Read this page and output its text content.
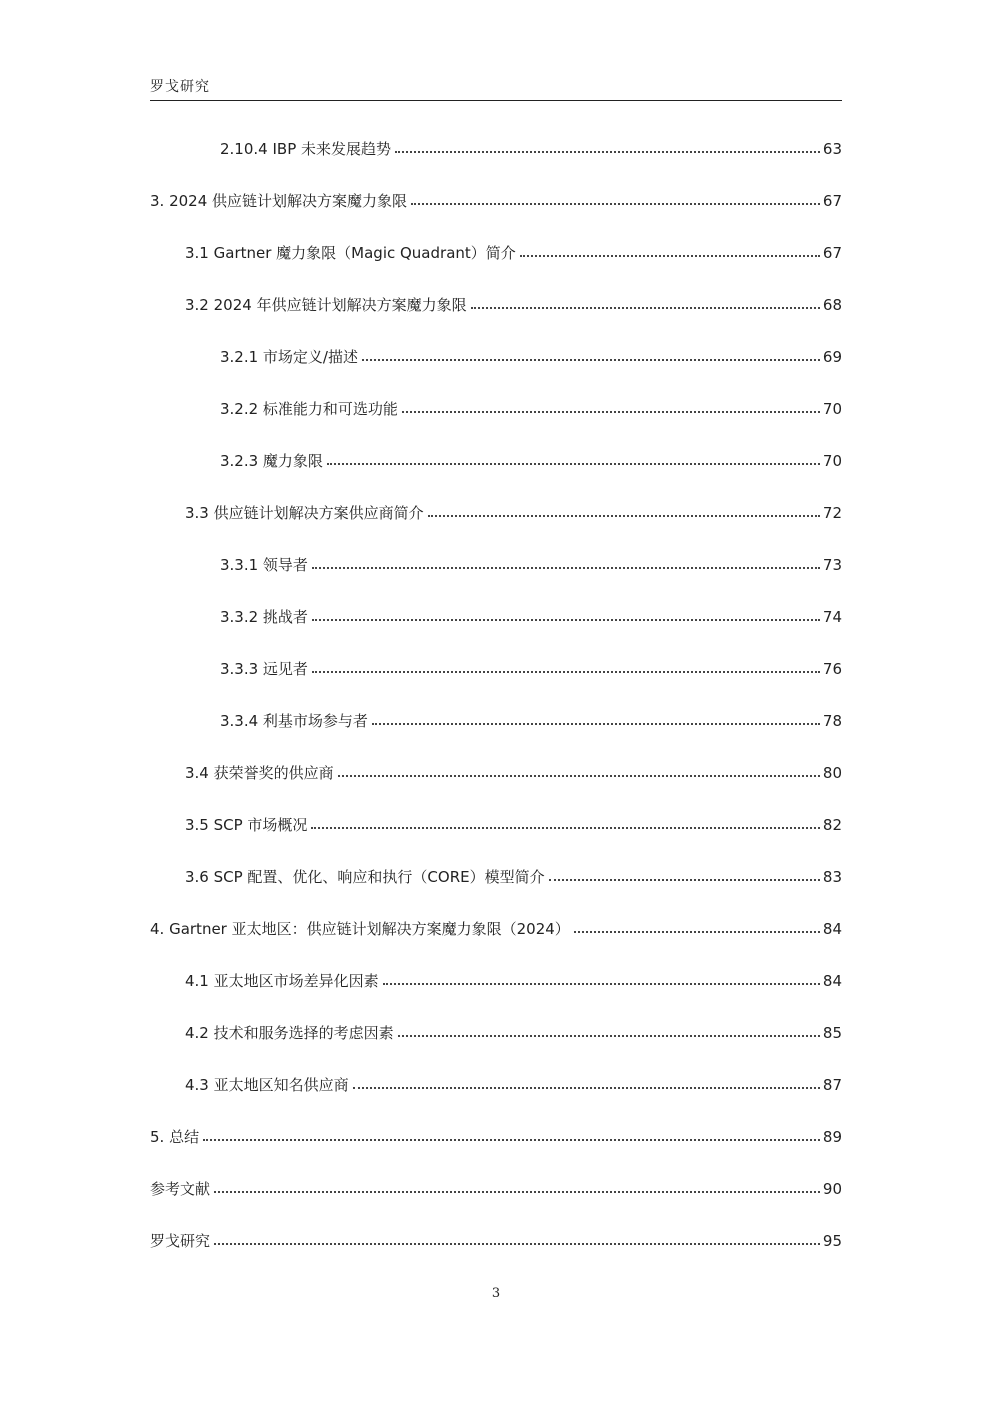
罗戈研究
2.10.4 IBP 未来发展趋势	63
3. 2024 供应链计划解决方案魔力象限	67
3.1 Gartner 魔力象限（Magic Quadrant）简介	67
3.2 2024 年供应链计划解决方案魔力象限	68
3.2.1 市场定义/描述	69
3.2.2 标准能力和可选功能	70
3.2.3 魔力象限	70
3.3 供应链计划解决方案供应商简介	72
3.3.1 领导者	73
3.3.2 挑战者	74
3.3.3 远见者	76
3.3.4 利基市场参与者	78
3.4 获荣誉奖的供应商	80
3.5 SCP 市场概况	82
3.6 SCP 配置、优化、响应和执行（CORE）模型简介	83
4. Gartner 亚太地区：供应链计划解决方案魔力象限（2024）	84
4.1 亚太地区市场差异化因素	84
4.2 技术和服务选择的考虑因素	85
4.3 亚太地区知名供应商	87
5. 总结	89
参考文献	90
罗戈研究	95
3
